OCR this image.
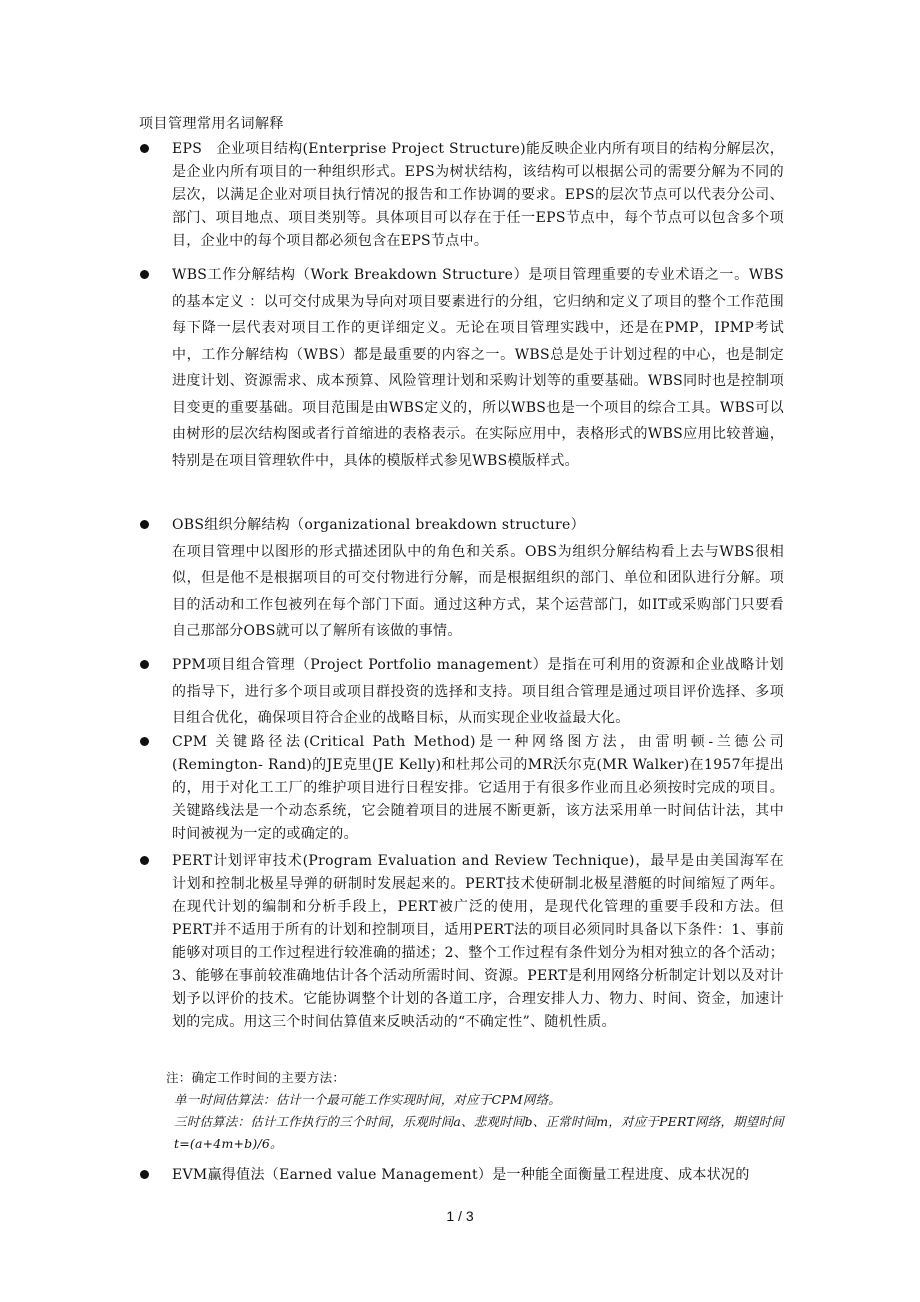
项目管理常用名词解释
EPS　企业项目结构(Enterprise Project Structure)能反映企业内所有项目的结构分解层次，是企业内所有项目的一种组织形式。EPS为树状结构，该结构可以根据公司的需要分解为不同的层次，以满足企业对项目执行情况的报告和工作协调的要求。EPS的层次节点可以代表分公司、部门、项目地点、项目类别等。具体项目可以存在于任一EPS节点中，每个节点可以包含多个项目，企业中的每个项目都必须包含在EPS节点中。
WBS工作分解结构（Work Breakdown Structure）是项目管理重要的专业术语之一。WBS的基本定义 ：以可交付成果为导向对项目要素进行的分组，它归纳和定义了项目的整个工作范围每下降一层代表对项目工作的更详细定义。无论在项目管理实践中，还是在PMP，IPMP考试中，工作分解结构（WBS）都是最重要的内容之一。WBS总是处于计划过程的中心，也是制定进度计划、资源需求、成本预算、风险管理计划和采购计划等的重要基础。WBS同时也是控制项目变更的重要基础。项目范围是由WBS定义的，所以WBS也是一个项目的综合工具。WBS可以由树形的层次结构图或者行首缩进的表格表示。在实际应用中，表格形式的WBS应用比较普遍，特别是在项目管理软件中，具体的模版样式参见WBS模版样式。
OBS组织分解结构（organizational breakdown structure）
在项目管理中以图形的形式描述团队中的角色和关系。OBS为组织分解结构看上去与WBS很相似，但是他不是根据项目的可交付物进行分解，而是根据组织的部门、单位和团队进行分解。项目的活动和工作包被列在每个部门下面。通过这种方式，某个运营部门，如IT或采购部门只要看自己那部分OBS就可以了解所有该做的事情。
PPM项目组合管理（Project Portfolio management）是指在可利用的资源和企业战略计划的指导下，进行多个项目或项目群投资的选择和支持。项目组合管理是通过项目评价选择、多项目组合优化，确保项目符合企业的战略目标，从而实现企业收益最大化。
CPM 关键路径法(Critical Path Method)是一种网络图方法，由雷明顿-兰德公司(Remington- Rand)的JE克里(JE Kelly)和杜邦公司的MR沃尔克(MR Walker)在1957年提出的，用于对化工工厂的维护项目进行日程安排。它适用于有很多作业而且必须按时完成的项目。关键路线法是一个动态系统，它会随着项目的进展不断更新，该方法采用单一时间估计法，其中时间被视为一定的或确定的。
PERT计划评审技术(Program Evaluation and Review Technique)，最早是由美国海军在计划和控制北极星导弹的研制时发展起来的。PERT技术使研制北极星潜艇的时间缩短了两年。在现代计划的编制和分析手段上，PERT被广泛的使用，是现代化管理的重要手段和方法。但PERT并不适用于所有的计划和控制项目，适用PERT法的项目必须同时具备以下条件：1、事前能够对项目的工作过程进行较准确的描述；2、整个工作过程有条件划分为相对独立的各个活动；3、能够在事前较准确地估计各个活动所需时间、资源。PERT是利用网络分析制定计划以及对计划予以评价的技术。它能协调整个计划的各道工序，合理安排人力、物力、时间、资金，加速计划的完成。用这三个时间估算值来反映活动的“不确定性”、随机性质。
注：确定工作时间的主要方法：
单一时间估算法：估计一个最可能工作实现时间，对应于CPM网络。
三时估算法：估计工作执行的三个时间，乐观时间a、悲观时间b、正常时间m，对应于PERT网络，期望时间t=(a+4m+b)/6。
EVM赢得值法（Earned value Management）是一种能全面衡量工程进度、成本状况的
1 / 3
